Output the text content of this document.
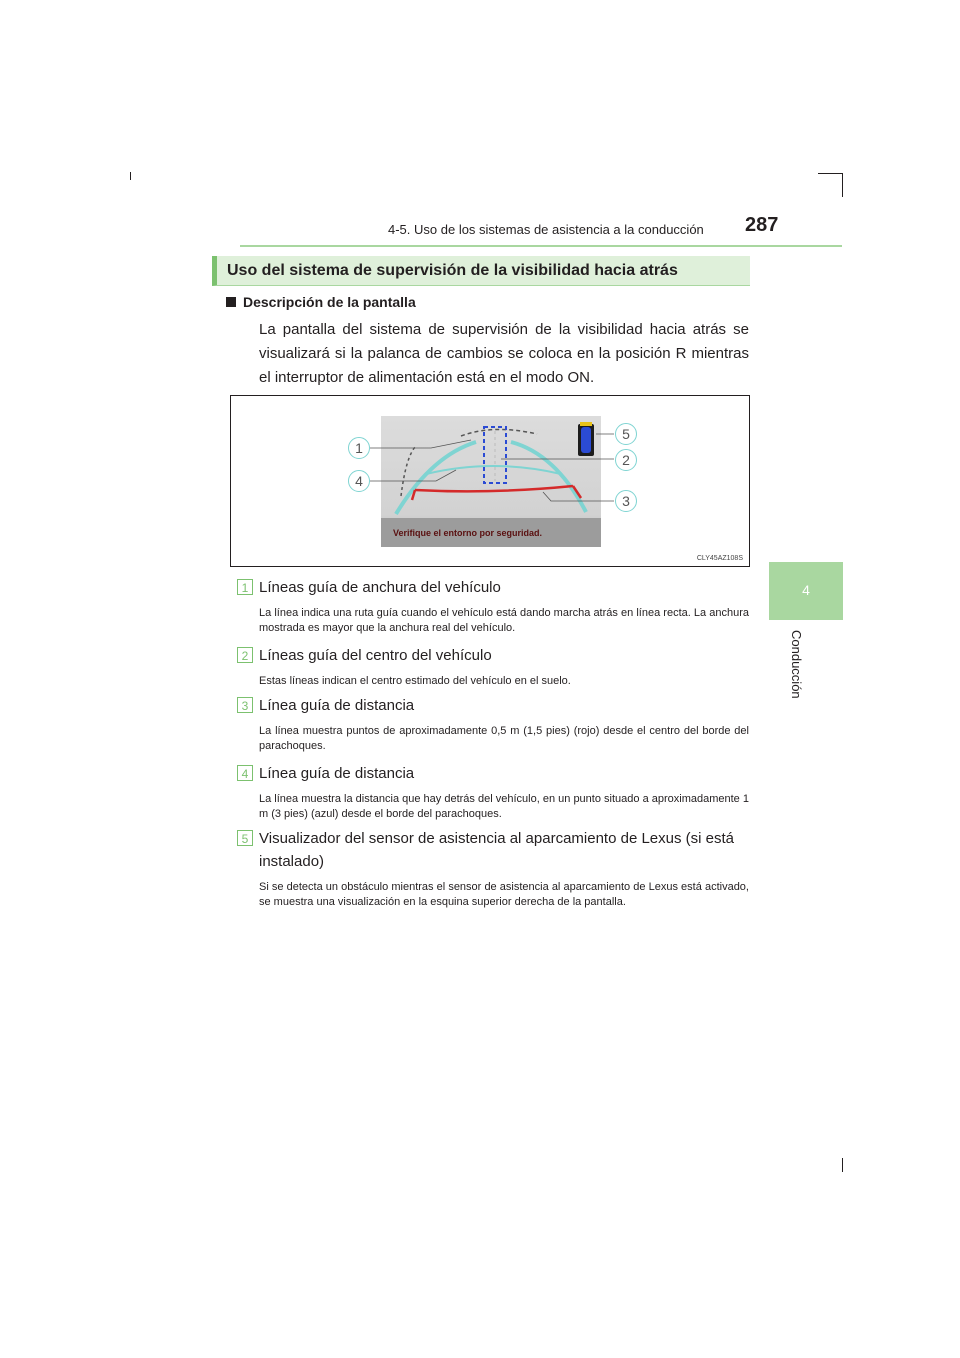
4-5. Uso de los sistemas de asistencia a la conducción 287
4
Conducción
Uso del sistema de supervisión de la visibilidad hacia atrás
Descripción de la pantalla
La pantalla del sistema de supervisión de la visibilidad hacia atrás se visualizará si la palanca de cambios se coloca en la posición R mientras el interruptor de alimentación está en el modo ON.
Verifique el entorno por seguridad.
1
4
5
2
3
CLY45AZ108S
1 Líneas guía de anchura del vehículo
La línea indica una ruta guía cuando el vehículo está dando marcha atrás en línea recta. La anchura mostrada es mayor que la anchura real del vehículo.
2 Líneas guía del centro del vehículo
Estas líneas indican el centro estimado del vehículo en el suelo.
3 Línea guía de distancia
La línea muestra puntos de aproximadamente 0,5 m (1,5 pies) (rojo) desde el centro del borde del parachoques.
4 Línea guía de distancia
La línea muestra la distancia que hay detrás del vehículo, en un punto situado a aproximadamente 1 m (3 pies) (azul) desde el borde del parachoques.
5 Visualizador del sensor de asistencia al aparcamiento de Lexus (si está instalado)
Si se detecta un obstáculo mientras el sensor de asistencia al aparcamiento de Lexus está activado, se muestra una visualización en la esquina superior derecha de la pantalla.
